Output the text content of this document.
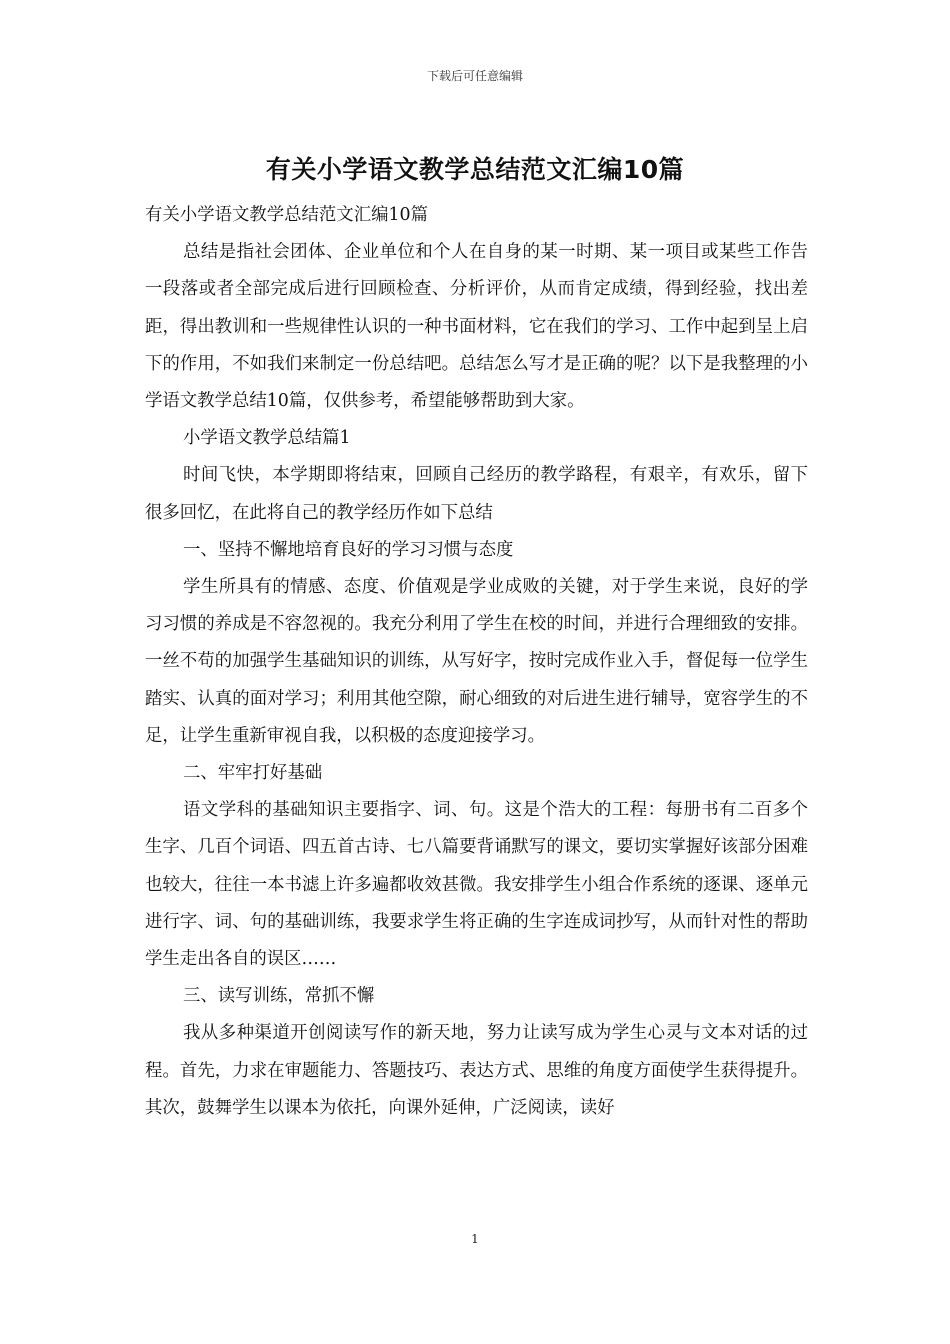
下载后可任意编辑
有关小学语文教学总结范文汇编10篇

有关小学语文教学总结范文汇编10篇

总结是指社会团体、企业单位和个人在自身的某一时期、某一项目或某些工作告一段落或者全部完成后进行回顾检查、分析评价，从而肯定成绩，得到经验，找出差距，得出教训和一些规律性认识的一种书面材料，它在我们的学习、工作中起到呈上启下的作用，不如我们来制定一份总结吧。总结怎么写才是正确的呢？以下是我整理的小学语文教学总结10篇，仅供参考，希望能够帮助到大家。

小学语文教学总结篇1

时间飞快，本学期即将结束，回顾自己经历的教学路程，有艰辛，有欢乐，留下很多回忆，在此将自己的教学经历作如下总结

一、坚持不懈地培育良好的学习习惯与态度

学生所具有的情感、态度、价值观是学业成败的关键，对于学生来说，良好的学习习惯的养成是不容忽视的。我充分利用了学生在校的时间，并进行合理细致的安排。一丝不苟的加强学生基础知识的训练，从写好字，按时完成作业入手，督促每一位学生踏实、认真的面对学习；利用其他空隙，耐心细致的对后进生进行辅导，宽容学生的不足，让学生重新审视自我，以积极的态度迎接学习。

二、牢牢打好基础

语文学科的基础知识主要指字、词、句。这是个浩大的工程：每册书有二百多个生字、几百个词语、四五首古诗、七八篇要背诵默写的课文，要切实掌握好该部分困难也较大，往往一本书滤上许多遍都收效甚微。我安排学生小组合作系统的逐课、逐单元进行字、词、句的基础训练，我要求学生将正确的生字连成词抄写，从而针对性的帮助学生走出各自的误区……

三、读写训练，常抓不懈

我从多种渠道开创阅读写作的新天地，努力让读写成为学生心灵与文本对话的过程。首先，力求在审题能力、答题技巧、表达方式、思维的角度方面使学生获得提升。其次，鼓舞学生以课本为依托，向课外延伸，广泛阅读，读好

1
